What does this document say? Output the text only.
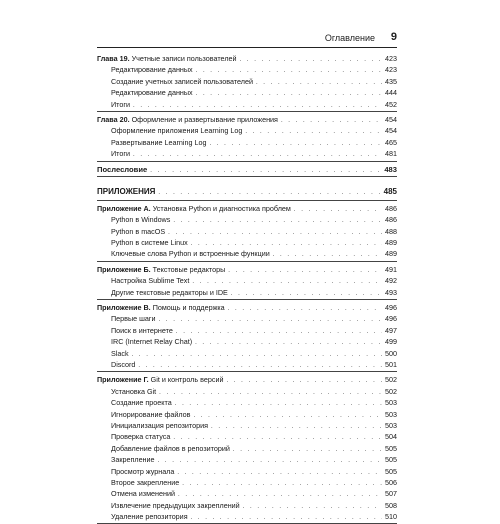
Оглавление 9
Глава 19. Учетные записи пользователей . . .	423
Редактирование данных . . .	423
Создание учетных записей пользователей . . .	435
Редактирование данных . . .	444
Итоги . . .	452
Глава 20. Оформление и развертывание приложения . . .	454
Оформление приложения Learning Log . . .	454
Развертывание Learning Log . . .	465
Итоги . . .	481
Послесловие . . .	483
ПРИЛОЖЕНИЯ . . .	485
Приложение А. Установка Python и диагностика проблем . . .	486
Python в Windows . . .	486
Python в macOS . . .	488
Python в системе Linux . . .	489
Ключевые слова Python и встроенные функции . . .	489
Приложение Б. Текстовые редакторы . . .	491
Настройка Sublime Text . . .	492
Другие текстовые редакторы и IDE . . .	493
Приложение В. Помощь и поддержка . . .	496
Первые шаги . . .	496
Поиск в интернете . . .	497
IRC (Internet Relay Chat) . . .	499
Slack . . .	500
Discord . . .	501
Приложение Г. Git и контроль версий . . .	502
Установка Git . . .	502
Создание проекта . . .	503
Игнорирование файлов . . .	503
Инициализация репозитория . . .	503
Проверка статуса . . .	504
Добавление файлов в репозиторий . . .	505
Закрепление . . .	505
Просмотр журнала . . .	505
Второе закрепление . . .	506
Отмена изменений . . .	507
Извлечение предыдущих закреплений . . .	508
Удаление репозитория . . .	510
